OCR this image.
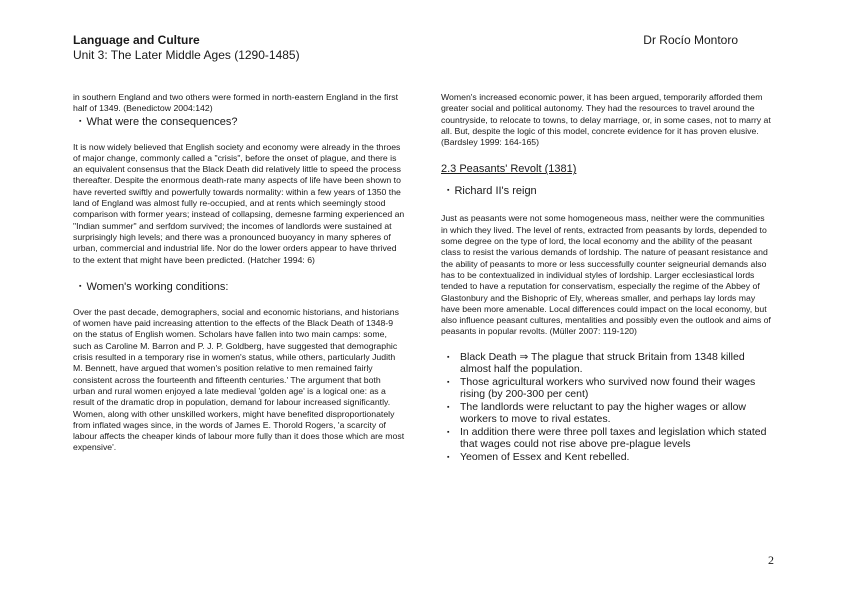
Language and Culture
Unit 3: The Later Middle Ages (1290-1485)
Dr Rocío Montoro

in southern England and two others were formed in north-eastern England in the first half of 1349. (Benedictow 2004:142)

▪ What were the consequences?

It is now widely believed that English society and economy were already in the throes of major change, commonly called a "crisis", before the onset of plague, and there is an equivalent consensus that the Black Death did relatively little to speed the process thereafter. Despite the enormous death-rate many aspects of life have been shown to have reverted swiftly and powerfully towards normality: within a few years of 1350 the land of England was almost fully re-occupied, and at rents which seemingly stood comparison with former years; instead of collapsing, demesne farming experienced an "Indian summer" and serfdom survived; the incomes of landlords were sustained at surprisingly high levels; and there was a pronounced buoyancy in many spheres of urban, commercial and industrial life. Nor do the lower orders appear to have thrived to the extent that might have been predicted. (Hatcher 1994: 6)

▪ Women's working conditions:

Over the past decade, demographers, social and economic historians, and historians of women have paid increasing attention to the effects of the Black Death of 1348-9 on the status of English women. Scholars have fallen into two main camps: some, such as Caroline M. Barron and P. J. P. Goldberg, have suggested that demographic crisis resulted in a temporary rise in women's status, while others, particularly Judith M. Bennett, have argued that women's position relative to men remained fairly consistent across the fourteenth and fifteenth centuries.' The argument that both urban and rural women enjoyed a late medieval 'golden age' is a logical one: as a result of the dramatic drop in population, demand for labour increased significantly. Women, along with other unskilled workers, might have benefited disproportionately from inflated wages since, in the words of James E. Thorold Rogers, 'a scarcity of labour affects the cheaper kinds of labour more fully than it does those which are most expensive'.

Women's increased economic power, it has been argued, temporarily afforded them greater social and political autonomy. They had the resources to travel around the countryside, to relocate to towns, to delay marriage, or, in some cases, not to marry at all. But, despite the logic of this model, concrete evidence for it has proven elusive. (Bardsley 1999: 164-165)

2.3 Peasants' Revolt (1381)
▪ Richard II's reign

Just as peasants were not some homogeneous mass, neither were the communities in which they lived. The level of rents, extracted from peasants by lords, depended to some degree on the type of lord, the local economy and the ability of the peasant class to resist the various demands of lordship. The nature of peasant resistance and the ability of peasants to more or less successfully counter seigneurial demands also has to be contextualized in individual styles of lordship. Larger ecclesiastical lords tended to have a reputation for conservatism, especially the regime of the Abbey of Glastonbury and the Bishopric of Ely, whereas smaller, and perhaps lay lords may have been more amenable. Local differences could impact on the local economy, but also influence peasant cultures, mentalities and possibly even the outlook and aims of peasants in popular revolts. (Müller 2007: 119-120)

▪	Black Death ⇒ The plague that struck Britain from 1348 killed almost half the population.
▪	Those agricultural workers who survived now found their wages rising (by 200-300 per cent)
▪	The landlords were reluctant to pay the higher wages or allow workers to move to rival estates.
▪	In addition there were three poll taxes and legislation which stated that wages could not rise above pre-plague levels
▪	Yeomen of Essex and Kent rebelled.
2
